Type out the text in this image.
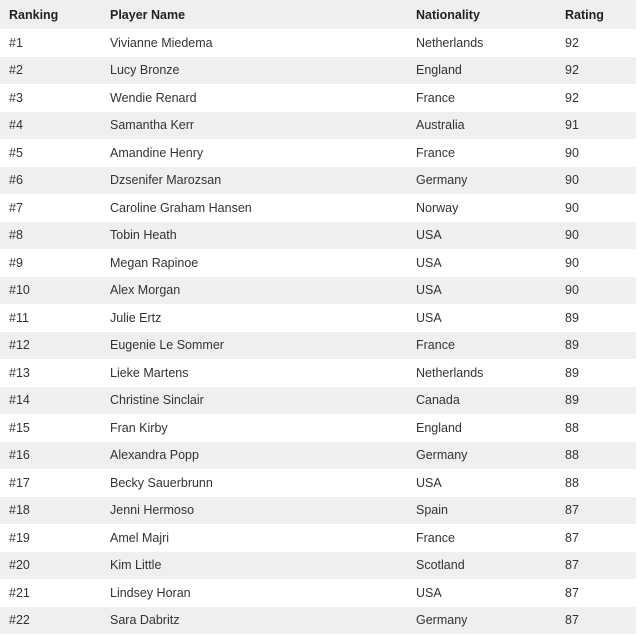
Ranking	Player Name	Nationality	Rating
#1	Vivianne Miedema	Netherlands	92
#2	Lucy Bronze	England	92
#3	Wendie Renard	France	92
#4	Samantha Kerr	Australia	91
#5	Amandine Henry	France	90
#6	Dzsenifer Marozsan	Germany	90
#7	Caroline Graham Hansen	Norway	90
#8	Tobin Heath	USA	90
#9	Megan Rapinoe	USA	90
#10	Alex Morgan	USA	90
#11	Julie Ertz	USA	89
#12	Eugenie Le Sommer	France	89
#13	Lieke Martens	Netherlands	89
#14	Christine Sinclair	Canada	89
#15	Fran Kirby	England	88
#16	Alexandra Popp	Germany	88
#17	Becky Sauerbrunn	USA	88
#18	Jenni Hermoso	Spain	87
#19	Amel Majri	France	87
#20	Kim Little	Scotland	87
#21	Lindsey Horan	USA	87
#22	Sara Dabritz	Germany	87
